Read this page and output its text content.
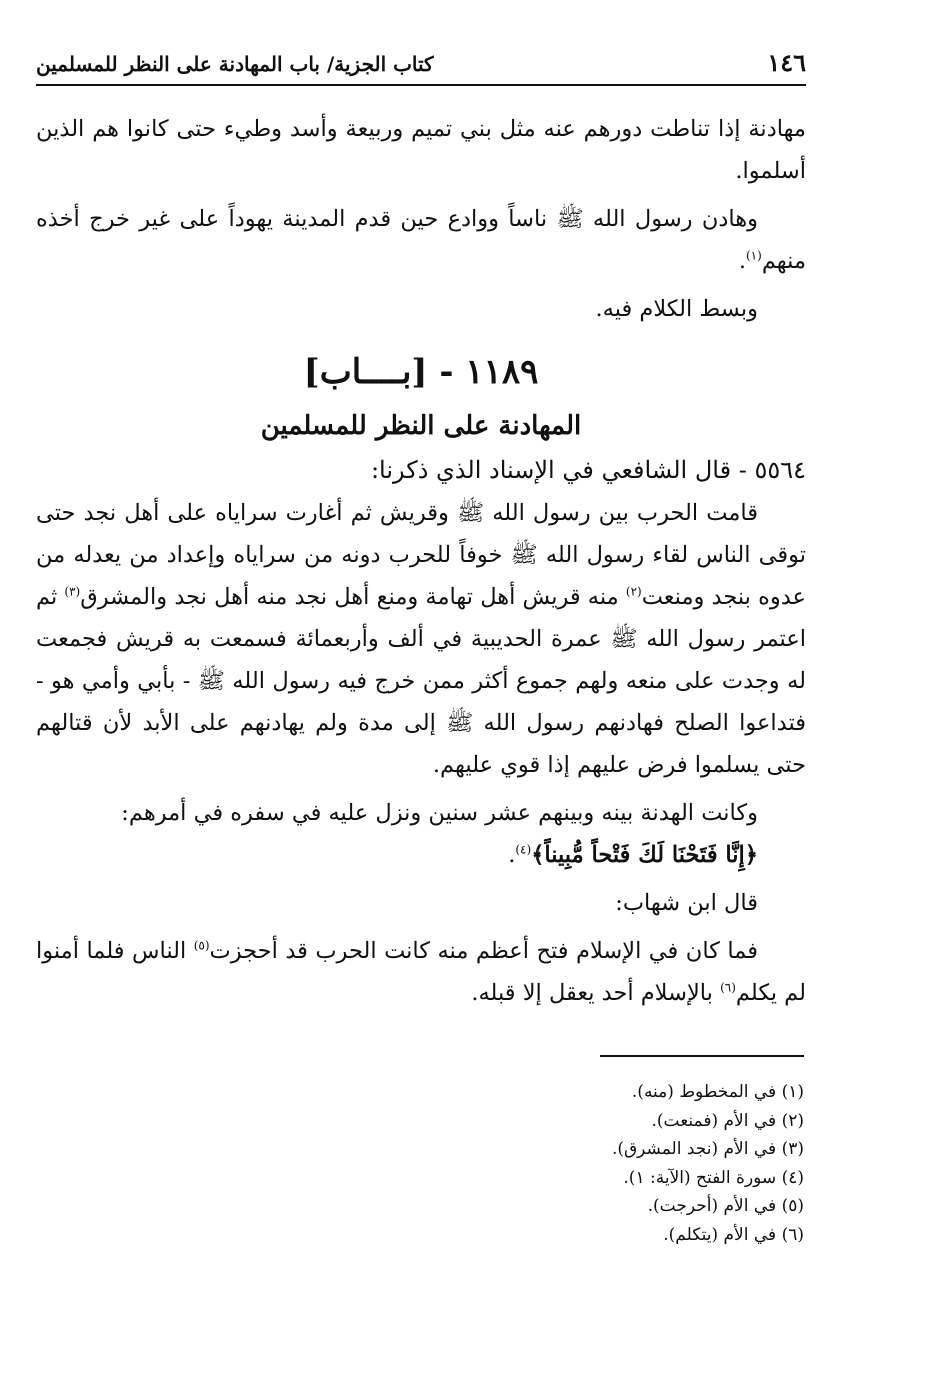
١٤٦
كتاب الجزية/ باب المهادنة على النظر للمسلمين

مهادنة إذا تناطت دورهم عنه مثل بني تميم وربيعة وأسد وطيء حتى كانوا هم الذين أسلموا.

وهادن رسول الله ﷺ ناساً ووادع حين قدم المدينة يهوداً على غير خرج أخذه منهم$^{(١)}$.

وبسط الكلام فيه.

١١٨٩ - [بــــاب]
المهادنة على النظر للمسلمين

٥٥٦٤ - قال الشافعي في الإسناد الذي ذكرنا:

قامت الحرب بين رسول الله ﷺ وقريش ثم أغارت سراياه على أهل نجد حتى توقى الناس لقاء رسول الله ﷺ خوفاً للحرب دونه من سراياه وإعداد من يعدله من عدوه بنجد ومنعت$^{(٢)}$ منه قريش أهل تهامة ومنع أهل نجد منه أهل نجد والمشرق$^{(٣)}$ ثم اعتمر رسول الله ﷺ عمرة الحديبية في ألف وأربعمائة فسمعت به قريش فجمعت له وجدت على منعه ولهم جموع أكثر ممن خرج فيه رسول الله ﷺ - بأبي وأمي هو - فتداعوا الصلح فهادنهم رسول الله ﷺ إلى مدة ولم يهادنهم على الأبد لأن قتالهم حتى يسلموا فرض عليهم إذا قوي عليهم.

وكانت الهدنة بينه وبينهم عشر سنين ونزل عليه في سفره في أمرهم:

﴿إِنَّا فَتَحْنَا لَكَ فَتْحاً مُّبِيناً﴾$^{(٤)}$.

قال ابن شهاب:

فما كان في الإسلام فتح أعظم منه كانت الحرب قد أحجزت$^{(٥)}$ الناس فلما أمنوا لم يكلم$^{(٦)}$ بالإسلام أحد يعقل إلا قبله.

(١) في المخطوط (منه).

(٢) في الأم (فمنعت).

(٣) في الأم (نجد المشرق).

(٤) سورة الفتح (الآية: ١).

(٥) في الأم (أحرجت).

(٦) في الأم (يتكلم).
